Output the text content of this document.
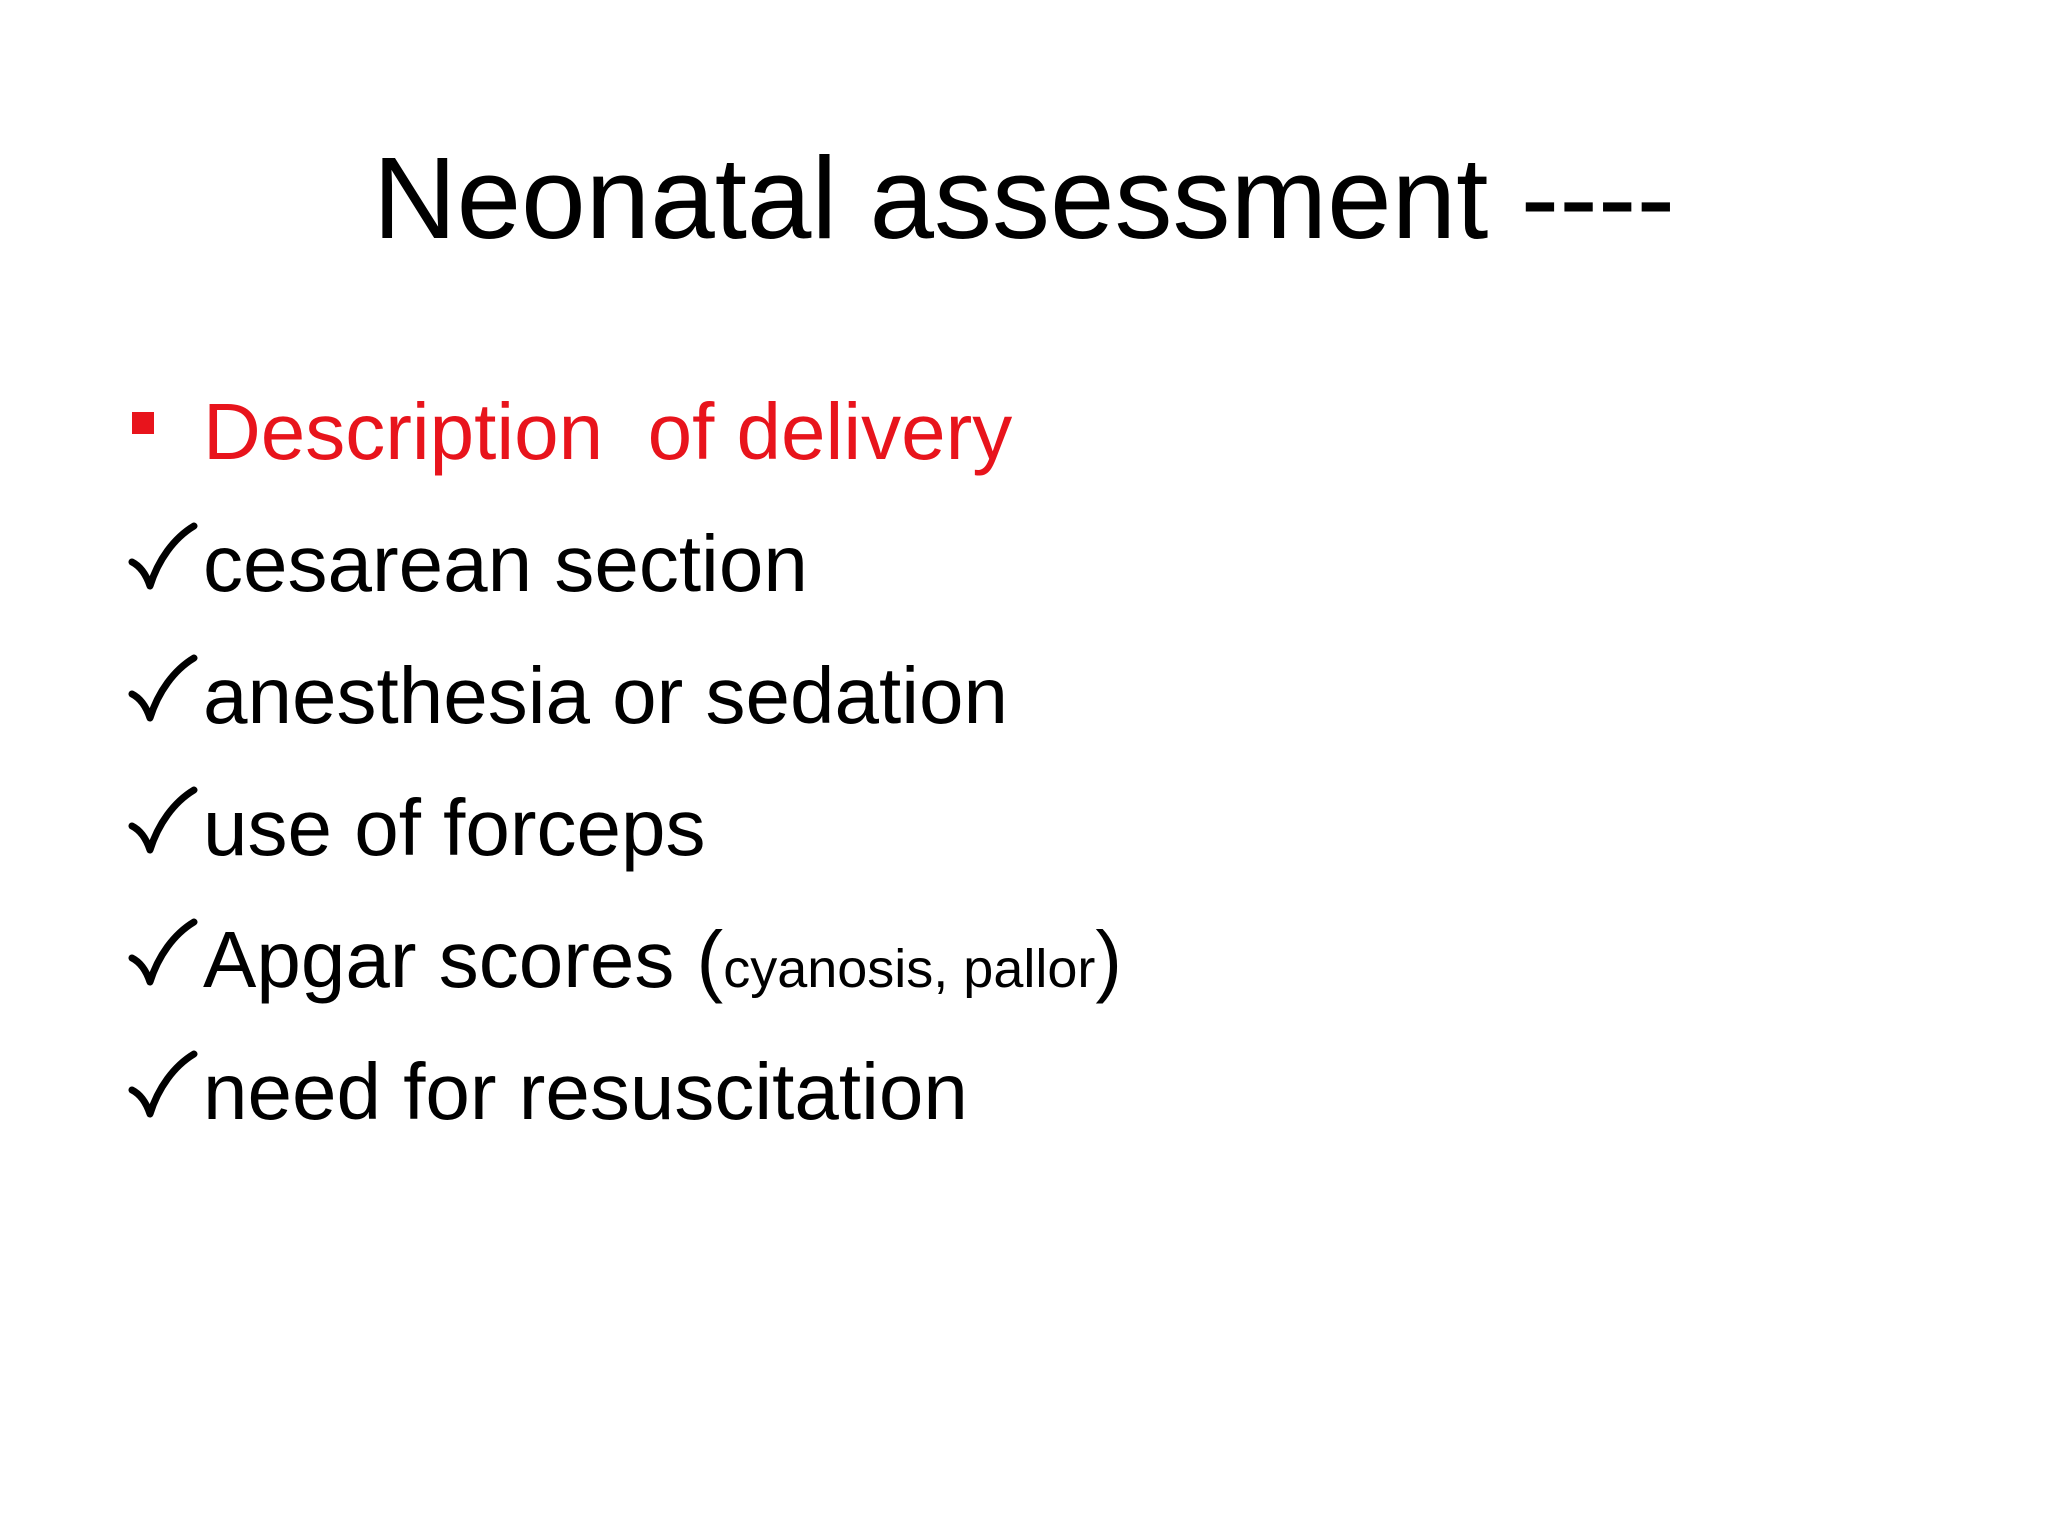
Neonatal assessment ----
Description  of delivery
cesarean section
anesthesia or sedation
use of forceps
Apgar scores (cyanosis, pallor)
need for resuscitation
